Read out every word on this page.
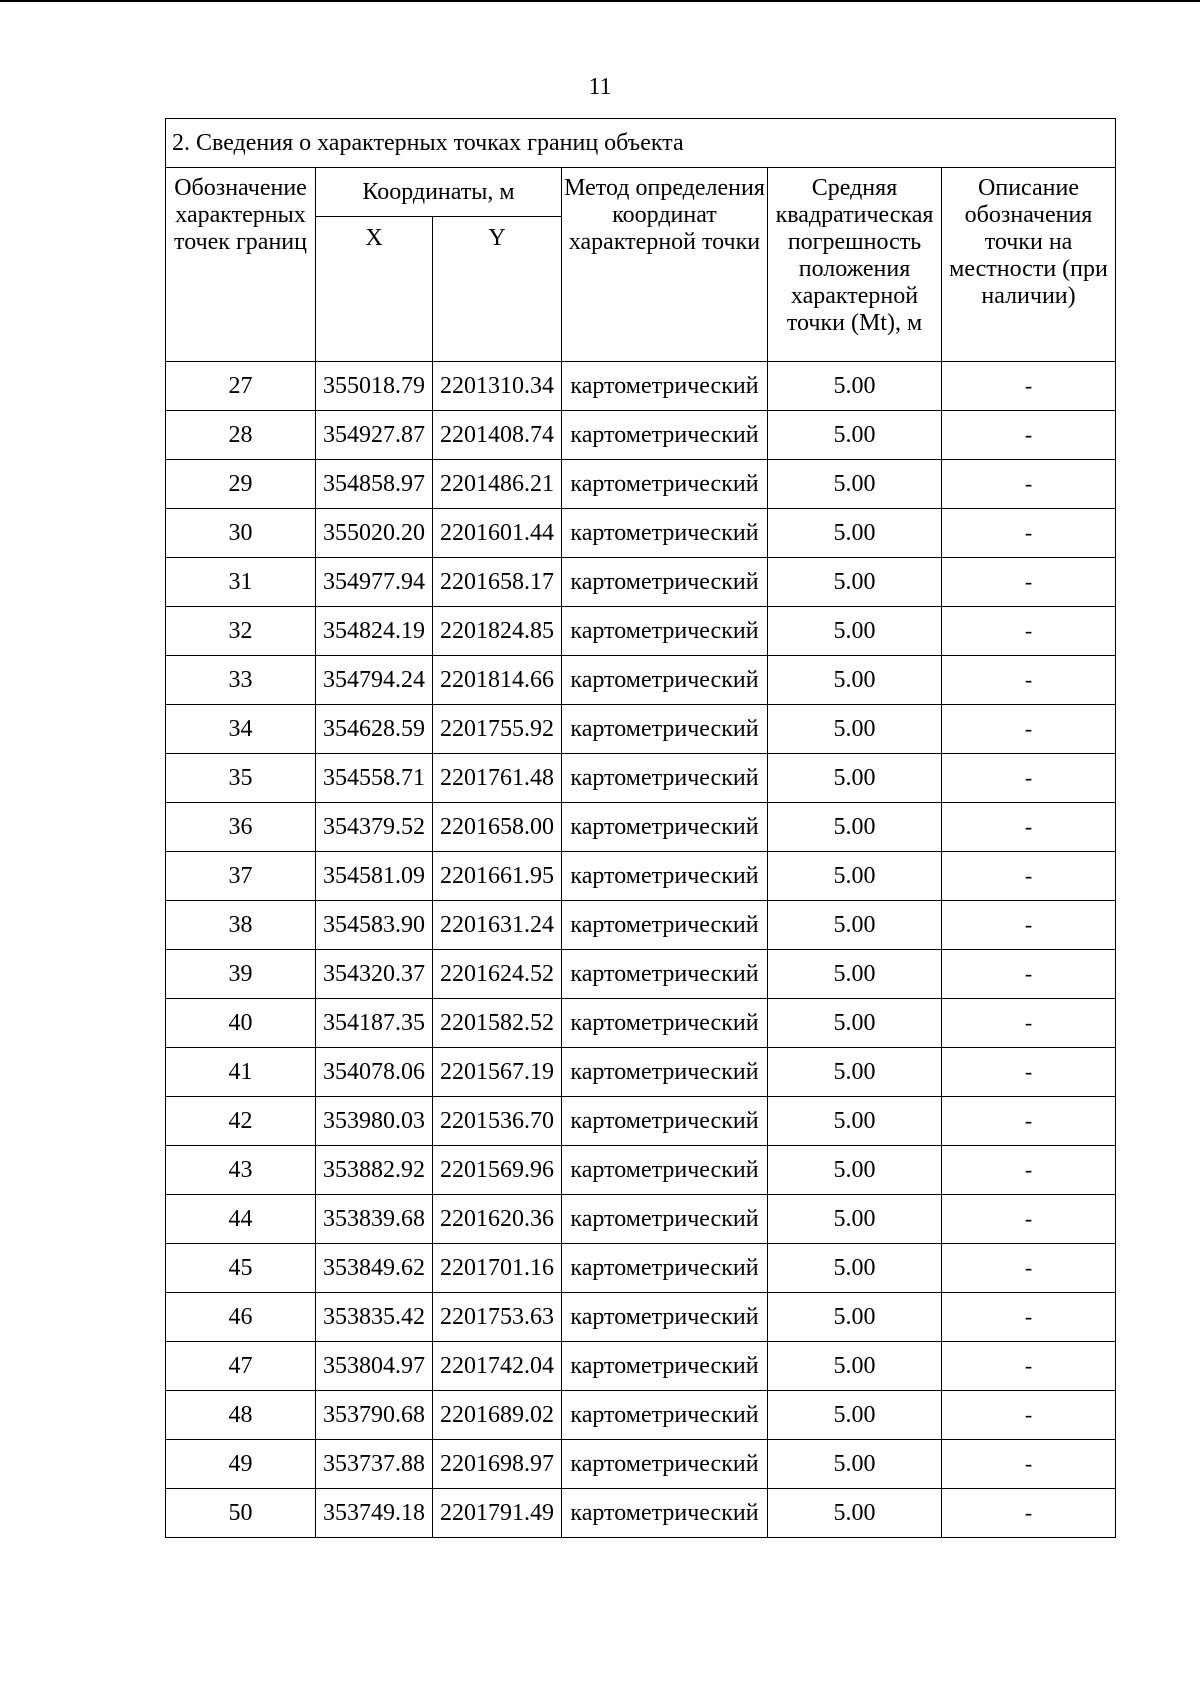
11
2. Сведения о характерных точках границ объекта					
Обозначение характерных точек границ	Координаты, м		Метод определения координат характерной точки	Средняя квадратическая погрешность положения характерной точки (Mt), м	Описание обозначения точки на местности (при наличии)
	X	Y			
27	355018.79	2201310.34	картометрический	5.00	-
28	354927.87	2201408.74	картометрический	5.00	-
29	354858.97	2201486.21	картометрический	5.00	-
30	355020.20	2201601.44	картометрический	5.00	-
31	354977.94	2201658.17	картометрический	5.00	-
32	354824.19	2201824.85	картометрический	5.00	-
33	354794.24	2201814.66	картометрический	5.00	-
34	354628.59	2201755.92	картометрический	5.00	-
35	354558.71	2201761.48	картометрический	5.00	-
36	354379.52	2201658.00	картометрический	5.00	-
37	354581.09	2201661.95	картометрический	5.00	-
38	354583.90	2201631.24	картометрический	5.00	-
39	354320.37	2201624.52	картометрический	5.00	-
40	354187.35	2201582.52	картометрический	5.00	-
41	354078.06	2201567.19	картометрический	5.00	-
42	353980.03	2201536.70	картометрический	5.00	-
43	353882.92	2201569.96	картометрический	5.00	-
44	353839.68	2201620.36	картометрический	5.00	-
45	353849.62	2201701.16	картометрический	5.00	-
46	353835.42	2201753.63	картометрический	5.00	-
47	353804.97	2201742.04	картометрический	5.00	-
48	353790.68	2201689.02	картометрический	5.00	-
49	353737.88	2201698.97	картометрический	5.00	-
50	353749.18	2201791.49	картометрический	5.00	-
